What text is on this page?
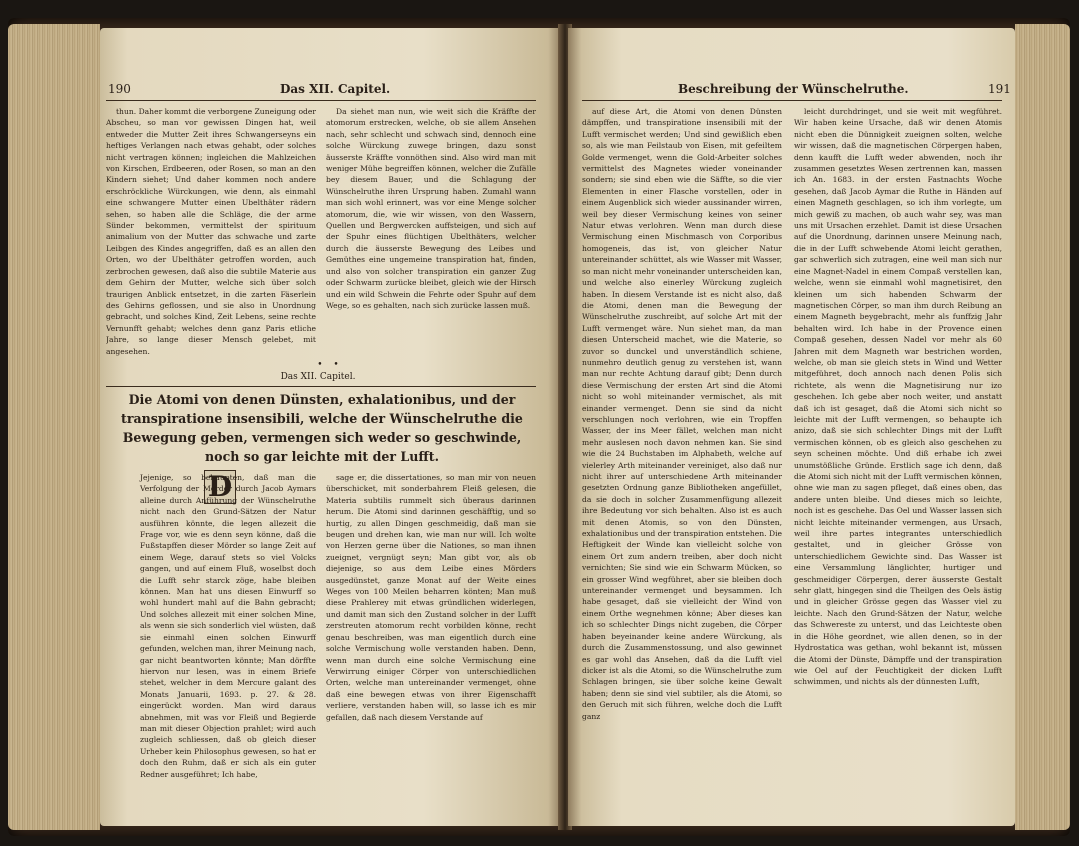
190	Das XII. Capitel.

thun. Daher kommt die verborgene Zuneigung oder Abscheu, so man vor gewissen Dingen hat, weil entweder die Mutter Zeit ihres Schwangerseyns ein heftiges Verlangen nach etwas gehabt, oder solches nicht vertragen können; ingleichen die Mahlzeichen von Kirschen, Erdbeeren, oder Rosen, so man an den Kindern siehet; Und daher kommen noch andere erschröckliche Würckungen, wie denn, als einmahl eine schwangere Mutter einen Ubelthäter rädern sehen, so haben alle die Schläge, die der arme Sünder bekommen, vermittelst der spirituum animalium von der Mutter das schwache und zarte Leibgen des Kindes angegriffen, daß es an allen den Orten, wo der Ubelthäter getroffen worden, auch zerbrochen gewesen, daß also die subtile Materie aus dem Gehirn der Mutter, welche sich über solch traurigen Anblick entsetzet, in die zarten Fäserlein des Gehirns geflossen, und sie also in Unordnung gebracht, und solches Kind, Zeit Lebens, seine rechte Vernunfft gehabt; welches denn ganz Paris etliche Jahre, so lange dieser Mensch gelebet, mit angesehen.

Da siehet man nun, wie weit sich die Kräffte der atomorum erstrecken, welche, ob sie allem Ansehen nach, sehr schlecht und schwach sind, dennoch eine solche Würckung zuwege bringen, dazu sonst äusserste Kräffte vonnöthen sind. Also wird man mit weniger Mühe begreiffen können, welcher die Zufälle bey diesem Bauer, und die Schlagung der Wünschelruthe ihren Ursprung haben. Zumahl wann man sich wohl erinnert, was vor eine Menge solcher atomorum, die, wie wir wissen, von den Wassern, Quellen und Bergwercken auffsteigen, und sich auf der Spuhr eines flüchtigen Ubelthäters, welcher durch die äusserste Bewegung des Leibes und Gemüthes eine ungemeine transpiration hat, finden, und also von solcher transpiration ein ganzer Zug oder Schwarm zurücke bleibet, gleich wie der Hirsch und ein wild Schwein die Fehrte oder Spuhr auf dem Wege, so es gehalten, nach sich zurücke lassen muß.

• •
Das XII. Capitel.
Die Atomi von denen Dünsten, exhalationibus, und der transpiratione insensibili, welche der Wünschelruthe die Bewegung geben, vermengen sich weder so geschwinde, noch so gar leichte mit der Lufft.
D

Jejenige, so behaupten, daß man die Verfolgung der Mörder durch Jacob Aymars alleine durch Anführung der Wünschelruthe nicht nach den Grund-Sätzen der Natur ausführen könnte, die legen allezeit die Frage vor, wie es denn seyn könne, daß die Fußstapffen dieser Mörder so lange Zeit auf einem Wege, darauf stets so viel Volcks gangen, und auf einem Fluß, woselbst doch die Lufft sehr starck zöge, habe bleiben können. Man hat uns diesen Einwurff so wohl hundert mahl auf die Bahn gebracht; Und solches allezeit mit einer solchen Mine, als wenn sie sich sonderlich viel wüsten, daß sie einmahl einen solchen Einwurff gefunden, welchen man, ihrer Meinung nach, gar nicht beantworten könnte; Man dörffte hiervon nur lesen, was in einem Briefe stehet, welcher in dem Mercure galant des Monats Januarii, 1693. p. 27. & 28. eingerückt worden. Man wird daraus abnehmen, mit was vor Fleiß und Begierde man mit dieser Objection prahlet; wird auch zugleich schliessen, daß ob gleich dieser Urheber kein Philosophus gewesen, so hat er doch den Ruhm, daß er sich als ein guter Redner ausgeführet; Ich habe,

sage er, die dissertationes, so man mir von neuen überschicket, mit sonderbahrem Fleiß gelesen, die Materia subtilis rummelt sich überaus darinnen herum. Die Atomi sind darinnen geschäfftig, und so hurtig, zu allen Dingen geschmeidig, daß man sie beugen und drehen kan, wie man nur will. Ich wolte von Herzen gerne über die Nationes, so man ihnen zueignet, vergnügt seyn; Man gibt vor, als ob diejenige, so aus dem Leibe eines Mörders ausgedünstet, ganze Monat auf der Weite eines Weges von 100 Meilen beharren könten; Man muß diese Prahlerey mit etwas gründlichen widerlegen, und damit man sich den Zustand solcher in der Lufft zerstreuten atomorum recht vorbilden könne, recht genau beschreiben, was man eigentlich durch eine solche Vermischung wolle verstanden haben. Denn, wenn man durch eine solche Vermischung eine Verwirrung einiger Cörper von unterschiedlichen Orten, welche man untereinander vermenget, ohne daß eine bewegen etwas von ihrer Eigenschafft verliere, verstanden haben will, so lasse ich es mir gefallen, daß nach diesem Verstande auf

Beschreibung der Wünschelruthe.	191

auf diese Art, die Atomi von denen Dünsten dämpffen, und transpiratione insensibili mit der Lufft vermischet werden; Und sind gewißlich eben so, als wie man Feilstaub von Eisen, mit gefeiltem Golde vermenget, wenn die Gold-Arbeiter solches vermittelst des Magnetes wieder voneinander sondern; sie sind eben wie die Säffte, so die vier Elementen in einer Flasche vorstellen, oder in einem Augenblick sich wieder aussinander wirren, weil bey dieser Vermischung keines von seiner Natur etwas verlohren. Wenn man durch diese Vermischung einen Mischmasch von Corporibus homogeneis, das ist, von gleicher Natur untereinander schüttet, als wie Wasser mit Wasser, so man nicht mehr voneinander unterscheiden kan, und welche also einerley Würckung zugleich haben. In diesem Verstande ist es nicht also, daß die Atomi, denen man die Bewegung der Wünschelruthe zuschreibt, auf solche Art mit der Lufft vermenget wäre. Nun siehet man, da man diesen Unterscheid machet, wie die Materie, so zuvor so dunckel und unverständlich schiene, nunmehro deutlich genug zu verstehen ist, wann man nur rechte Achtung darauf gibt; Denn durch diese Vermischung der ersten Art sind die Atomi nicht so wohl miteinander vermischet, als mit einander vermenget. Denn sie sind da nicht verschlungen noch verlohren, wie ein Tropffen Wasser, der ins Meer fället, welchen man nicht mehr auslesen noch davon nehmen kan. Sie sind wie die 24 Buchstaben im Alphabeth, welche auf vielerley Arth miteinander vereiniget, also daß nur nicht ihrer auf unterschiedene Arth miteinander gesetzten Ordnung ganze Bibliotheken angefüllet, da sie doch in solcher Zusammenfügung allezeit ihre Bedeutung vor sich behalten. Also ist es auch mit denen Atomis, so von den Dünsten, exhalationibus und der transpiration entstehen. Die Heftigkeit der Winde kan vielleicht solche von einem Ort zum andern treiben, aber doch nicht vernichten; Sie sind wie ein Schwarm Mücken, so ein grosser Wind wegführet, aber sie bleiben doch untereinander vermenget und beysammen. Ich habe gesaget, daß sie vielleicht der Wind von einem Orthe wegnehmen könne; Aber dieses kan ich so schlechter Dings nicht zugeben, die Cörper haben beyeinander keine andere Würckung, als durch die Zusammenstossung, und also gewinnet es gar wohl das Ansehen, daß da die Lufft viel dicker ist als die Atomi, so die Wünschelruthe zum Schlagen bringen, sie über solche keine Gewalt haben; denn sie sind viel subtiler, als die Atomi, so den Geruch mit sich führen, welche doch die Lufft ganz

leicht durchdringet, und sie weit mit wegführet. Wir haben keine Ursache, daß wir denen Atomis nicht eben die Dünnigkeit zueignen solten, welche wir wissen, daß die magnetischen Cörpergen haben, denn kaufft die Lufft weder abwenden, noch ihr zusammen gesetztes Wesen zertrennen kan, massen ich An. 1683. in der ersten Fastnachts Woche gesehen, daß Jacob Aymar die Ruthe in Händen auf einen Magneth geschlagen, so ich ihm vorlegte, um mich gewiß zu machen, ob auch wahr sey, was man uns mit Ursachen erzehlet. Damit ist diese Ursachen auf die Unordnung, darinnen unsere Meinung nach, die in der Lufft schwebende Atomi leicht gerathen, gar schwerlich sich zutragen, eine weil man sich nur eine Magnet-Nadel in einem Compaß verstellen kan, welche, wenn sie einmahl wohl magnetisiret, den kleinen um sich habenden Schwarm der magnetischen Cörper, so man ihm durch Reibung an einem Magneth beygebracht, mehr als funffzig Jahr behalten wird. Ich habe in der Provence einen Compaß gesehen, dessen Nadel vor mehr als 60 Jahren mit dem Magneth war bestrichen worden, welche, ob man sie gleich stets in Wind und Wetter mitgeführet, doch annoch nach denen Polis sich richtete, als wenn die Magnetisirung nur izo geschehen. Ich gebe aber noch weiter, und anstatt daß ich ist gesaget, daß die Atomi sich nicht so leichte mit der Lufft vermengen, so behaupte ich anizo, daß sie sich schlechter Dings mit der Lufft vermischen können, ob es gleich also geschehen zu seyn scheinen möchte. Und diß erhabe ich zwei unumstößliche Gründe. Erstlich sage ich denn, daß die Atomi sich nicht mit der Lufft vermischen können, ohne wie man zu sagen pfleget, daß eines oben, das andere unten bleibe. Und dieses mich so leichte, noch ist es geschehe. Das Oel und Wasser lassen sich nicht leichte miteinander vermengen, aus Ursach, weil ihre partes integrantes unterschiedlich gestaltet, und in gleicher Grösse von unterschiedlichem Gewichte sind. Das Wasser ist eine Versammlung länglichter, hurtiger und geschmeidiger Cörpergen, derer äusserste Gestalt sehr glatt, hingegen sind die Theilgen des Oels ästig und in gleicher Grösse gegen das Wasser viel zu leichte. Nach den Grund-Sätzen der Natur, welche das Schwereste zu unterst, und das Leichteste oben in die Höhe geordnet, wie allen denen, so in der Hydrostatica was gethan, wohl bekannt ist, müssen die Atomi der Dünste, Dämpffe und der transpiration wie Oel auf der Feuchtigkeit der dicken Lufft schwimmen, und nichts als der dünnesten Lufft,
